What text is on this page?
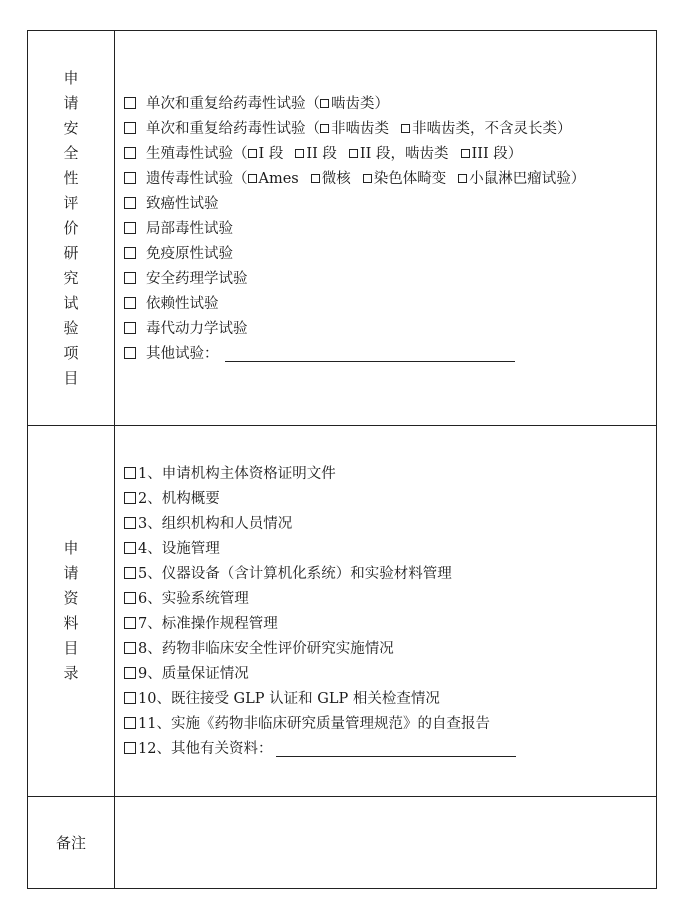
申
请
安
全
性
评
价
研
究
试
验
项
目
单次和重复给药毒性试验（ 啮齿类）
单次和重复给药毒性试验（ 非啮齿类 非啮齿类，不含灵长类）
生殖毒性试验（ I 段 II 段 II 段，啮齿类 III 段）
遗传毒性试验（ Ames 微核 染色体畸变 小鼠淋巴瘤试验）
致癌性试验
局部毒性试验
免疫原性试验
安全药理学试验
依赖性试验
毒代动力学试验
其他试验：
申
请
资
料
目
录
1、申请机构主体资格证明文件
2、机构概要
3、组织机构和人员情况
4、设施管理
5、仪器设备（含计算机化系统）和实验材料管理
6、实验系统管理
7、标准操作规程管理
8、药物非临床安全性评价研究实施情况
9、质量保证情况
10、既往接受 GLP 认证和 GLP 相关检查情况
11、实施《药物非临床研究质量管理规范》的自查报告
12、其他有关资料：
备注
